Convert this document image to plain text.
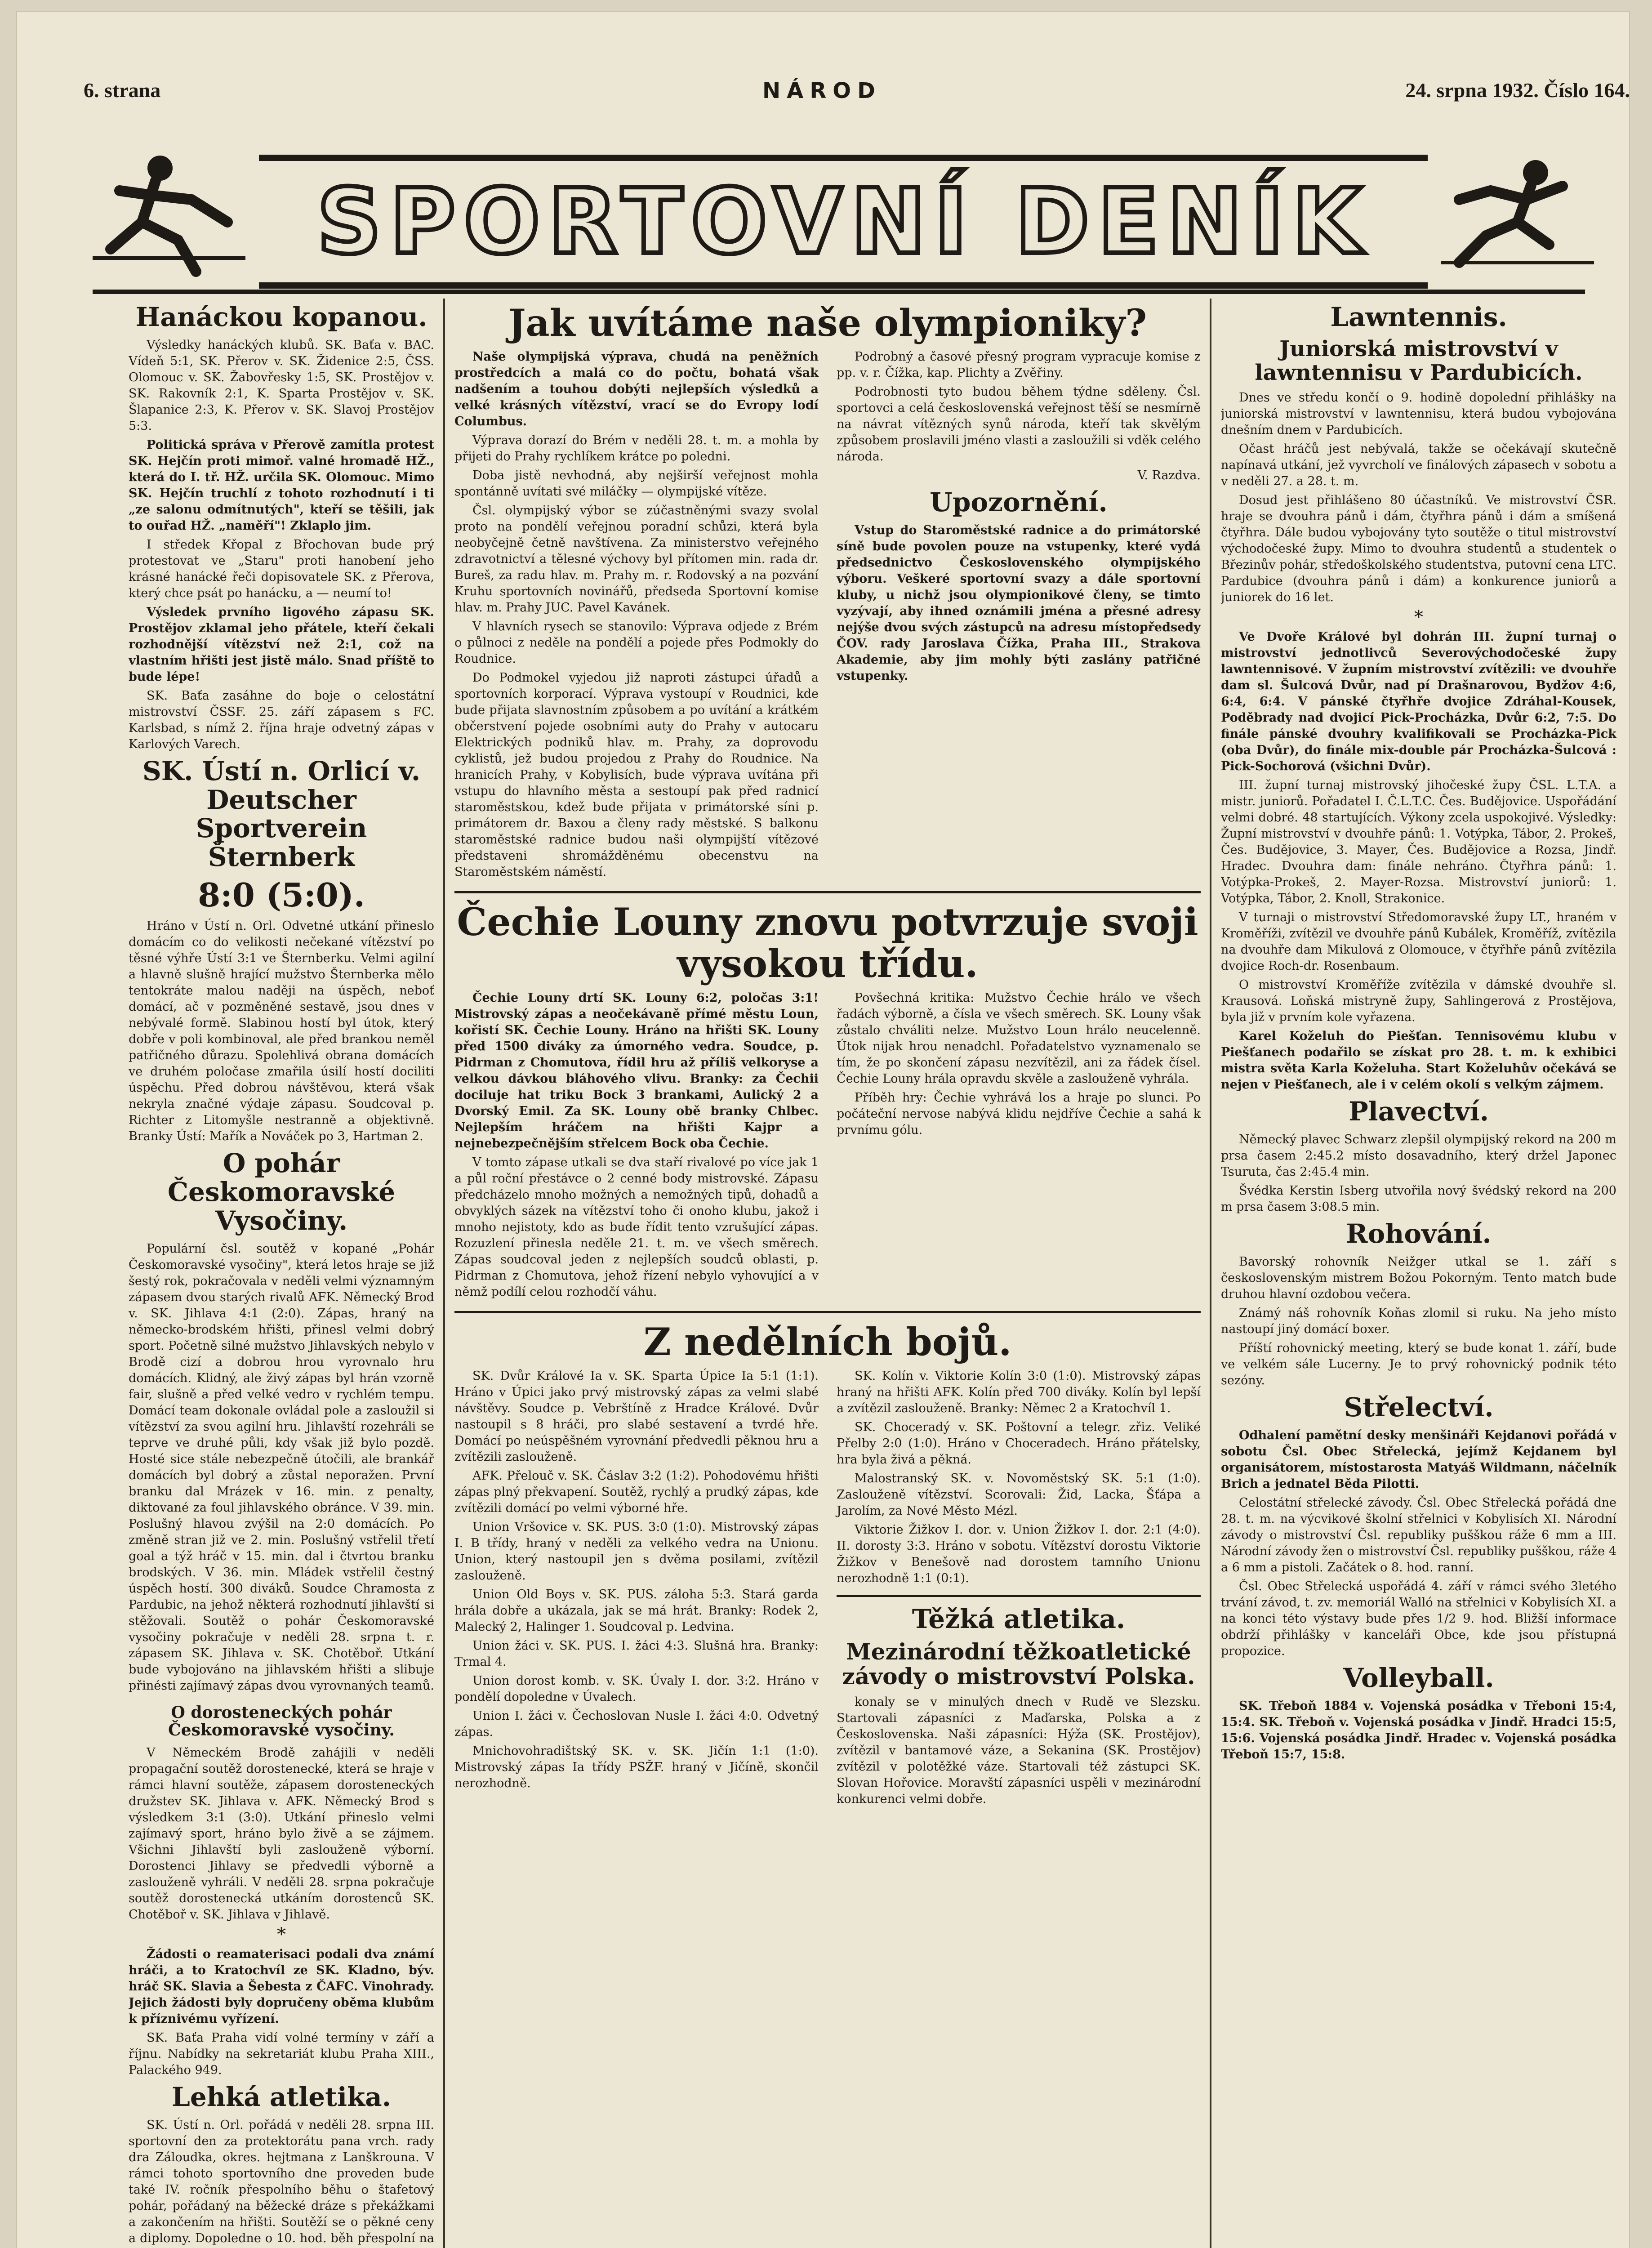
6. strana	NÁROD	24. srpna 1932. Číslo 164.
SPORTOVNÍ DENÍK
Hanáckou kopanou.

Výsledky hanáckých klubů. SK. Baťa v. BAC. Vídeň 5:1, SK. Přerov v. SK. Židenice 2:5, ČSS. Olomouc v. SK. Žabovřesky 1:5, SK. Prostějov v. SK. Rakovník 2:1, K. Sparta Prostějov v. SK. Šlapanice 2:3, K. Přerov v. SK. Slavoj Prostějov 5:3.

Politická správa v Přerově zamítla protest SK. Hejčín proti mimoř. valné hromadě HŽ., která do I. tř. HŽ. určila SK. Olomouc. Mimo SK. Hejčín truchlí z tohoto rozhodnutí i ti „ze salonu odmítnutých", kteří se těšili, jak to ouřad HŽ. „naměří"! Zklaplo jim.

I středek Křopal z Břochovan bude prý protestovat ve „Staru" proti hanobení jeho krásné hanácké řeči dopisovatele SK. z Přerova, který chce psát po hanácku, a — neumí to!

Výsledek prvního ligového zápasu SK. Prostějov zklamal jeho přátele, kteří čekali rozhodnější vítězství než 2:1, což na vlastním hřišti jest jistě málo. Snad příště to bude lépe!

SK. Baťa zasáhne do boje o celostátní mistrovství ČSSF. 25. září zápasem s FC. Karlsbad, s nímž 2. října hraje odvetný zápas v Karlových Varech.

SK. Ústí n. Orlicí v. Deutscher Sportverein Šternberk
8:0 (5:0).

Hráno v Ústí n. Orl. Odvetné utkání přineslo domácím co do velikosti nečekané vítězství po těsné výhře Ústí 3:1 ve Šternberku. Velmi agilní a hlavně slušně hrající mužstvo Šternberka mělo tentokráte malou naději na úspěch, neboť domácí, ač v pozměněné sestavě, jsou dnes v nebývalé formě. Slabinou hostí byl útok, který dobře v poli kombinoval, ale před brankou neměl patřičného důrazu. Spolehlivá obrana domácích ve druhém poločase zmařila úsilí hostí dociliti úspěchu. Před dobrou návštěvou, která však nekryla značné výdaje zápasu. Soudcoval p. Richter z Litomyšle nestranně a objektivně. Branky Ústí: Mařík a Nováček po 3, Hartman 2.

O pohár Českomoravské Vysočiny.

Populární čsl. soutěž v kopané „Pohár Českomoravské vysočiny", která letos hraje se již šestý rok, pokračovala v neděli velmi významným zápasem dvou starých rivalů AFK. Německý Brod v. SK. Jihlava 4:1 (2:0). Zápas, hraný na německo-brodském hřišti, přinesl velmi dobrý sport. Početně silné mužstvo Jihlavských nebylo v Brodě cizí a dobrou hrou vyrovnalo hru domácích. Klidný, ale živý zápas byl hrán vzorně fair, slušně a před velké vedro v rychlém tempu. Domácí team dokonale ovládal pole a zasloužil si vítězství za svou agilní hru. Jihlavští rozehráli se teprve ve druhé půli, kdy však již bylo pozdě. Hosté sice stále nebezpečně útočili, ale brankář domácích byl dobrý a zůstal neporažen. První branku dal Mrázek v 16. min. z penalty, diktované za foul jihlavského obránce. V 39. min. Poslušný hlavou zvýšil na 2:0 domácích. Po změně stran již ve 2. min. Poslušný vstřelil třetí goal a týž hráč v 15. min. dal i čtvrtou branku brodských. V 36. min. Mládek vstřelil čestný úspěch hostí. 300 diváků. Soudce Chramosta z Pardubic, na jehož některá rozhodnutí jihlavští si stěžovali. Soutěž o pohár Českomoravské vysočiny pokračuje v neděli 28. srpna t. r. zápasem SK. Jihlava v. SK. Chotěboř. Utkání bude vybojováno na jihlavském hřišti a slibuje přinésti zajímavý zápas dvou vyrovnaných teamů.

O dorosteneckých pohár Českomoravské vysočiny.

V Německém Brodě zahájili v neděli propagační soutěž dorostenecké, která se hraje v rámci hlavní soutěže, zápasem dorosteneckých družstev SK. Jihlava v. AFK. Německý Brod s výsledkem 3:1 (3:0). Utkání přineslo velmi zajímavý sport, hráno bylo živě a se zájmem. Všichni Jihlavští byli zaslouženě výborní. Dorostenci Jihlavy se předvedli výborně a zaslouženě vyhráli. V neděli 28. srpna pokračuje soutěž dorostenecká utkáním dorostenců SK. Chotěboř v. SK. Jihlava v Jihlavě.

*

Žádosti o reamaterisaci podali dva známí hráči, a to Kratochvíl ze SK. Kladno, býv. hráč SK. Slavia a Šebesta z ČAFC. Vinohrady. Jejich žádosti byly dopručeny oběma klubům k příznivému vyřízení.

SK. Baťa Praha vidí volné termíny v září a říjnu. Nabídky na sekretariát klubu Praha XIII., Palackého 949.

Lehká atletika.

SK. Ústí n. Orl. pořádá v neděli 28. srpna III. sportovní den za protektorátu pana vrch. rady dra Záloudka, okres. hejtmana z Lanškrouna. V rámci tohoto sportovního dne proveden bude také IV. ročník přespolního běhu o štafetový pohár, pořádaný na běžecké dráze s překážkami a zakončením na hřišti. Soutěží se o pěkné ceny a diplomy. Dopoledne o 10. hod. běh přespolní na

Jak uvítáme naše olympioniky?

Naše olympijská výprava, chudá na peněžních prostředcích a malá co do počtu, bohatá však nadšením a touhou dobýti nejlepších výsledků a velké krásných vítězství, vrací se do Evropy lodí Columbus.

Výprava dorazí do Brém v neděli 28. t. m. a mohla by přijeti do Prahy rychlíkem krátce po poledni.

Doba jistě nevhodná, aby nejširší veřejnost mohla spontánně uvítati své miláčky — olympijské vítěze.

Čsl. olympijský výbor se zúčastněnými svazy svolal proto na pondělí veřejnou poradní schůzi, která byla neobyčejně četně navštívena. Za ministerstvo veřejného zdravotnictví a tělesné výchovy byl přítomen min. rada dr. Bureš, za radu hlav. m. Prahy m. r. Rodovský a na pozvání Kruhu sportovních novinářů, předseda Sportovní komise hlav. m. Prahy JUC. Pavel Kavánek.

V hlavních rysech se stanovilo: Výprava odjede z Brém o půlnoci z neděle na pondělí a pojede přes Podmokly do Roudnice.

Do Podmokel vyjedou již naproti zástupci úřadů a sportovních korporací. Výprava vystoupí v Roudnici, kde bude přijata slavnostním způsobem a po uvítání a krátkém občerstvení pojede osobními auty do Prahy v autocaru Elektrických podniků hlav. m. Prahy, za doprovodu cyklistů, jež budou projedou z Prahy do Roudnice. Na hranicích Prahy, v Kobylisích, bude výprava uvítána při vstupu do hlavního města a sestoupí pak před radnicí staroměstskou, kdež bude přijata v primátorské síni p. primátorem dr. Baxou a členy rady městské. S balkonu staroměstské radnice budou naši olympijští vítězové představeni shromážděnému obecenstvu na Staroměstském náměstí.

Podrobný a časové přesný program vypracuje komise z pp. v. r. Čížka, kap. Plichty a Zvěřiny.

Podrobnosti tyto budou během týdne sděleny. Čsl. sportovci a celá československá veřejnost těší se nesmírně na návrat vítězných synů národa, kteří tak skvělým způsobem proslavili jméno vlasti a zasloužili si vděk celého národa.

V. Razdva.

Upozornění.

Vstup do Staroměstské radnice a do primátorské síně bude povolen pouze na vstupenky, které vydá předsednictvo Československého olympijského výboru. Veškeré sportovní svazy a dále sportovní kluby, u nichž jsou olympionikové členy, se timto vyzývají, aby ihned oznámili jména a přesné adresy nejýše dvou svých zástupců na adresu místopředsedy ČOV. rady Jaroslava Čížka, Praha III., Strakova Akademie, aby jim mohly býti zaslány patřičné vstupenky.

Čechie Louny znovu potvrzuje svoji vysokou třídu.

Čechie Louny drtí SK. Louny 6:2, poločas 3:1! Mistrovský zápas a neočekávaně přímé městu Loun, kořistí SK. Čechie Louny. Hráno na hřišti SK. Louny před 1500 diváky za úmorného vedra. Soudce, p. Pidrman z Chomutova, řídil hru až příliš velkoryse a velkou dávkou bláhového vlivu. Branky: za Čechii dociluje hat triku Bock 3 brankami, Aulický 2 a Dvorský Emil. Za SK. Louny obě branky Chlbec. Nejlepším hráčem na hřišti Kajpr a nejnebezpečnějším střelcem Bock oba Čechie.

V tomto zápase utkali se dva staří rivalové po více jak 1 a půl roční přestávce o 2 cenné body mistrovské. Zápasu předcházelo mnoho možných a nemožných tipů, dohadů a obvyklých sázek na vítězství toho či onoho klubu, jakož i mnoho nejistoty, kdo as bude řídit tento vzrušující zápas. Rozuzlení přinesla neděle 21. t. m. ve všech směrech. Zápas soudcoval jeden z nejlepších soudců oblasti, p. Pidrman z Chomutova, jehož řízení nebylo vyhovující a v němž podílí celou rozhodčí váhu.

Povšechná kritika: Mužstvo Čechie hrálo ve všech řadách výborně, a čísla ve všech směrech. SK. Louny však zůstalo chváliti nelze. Mužstvo Loun hrálo neucelenně. Útok nijak hrou nenadchl. Pořadatelstvo vyznamenalo se tím, že po skončení zápasu nezvítězil, ani za řádek čísel. Čechie Louny hrála opravdu skvěle a zaslouženě vyhrála.

Příběh hry: Čechie vyhrává los a hraje po slunci. Po počáteční nervose nabývá klidu nejdříve Čechie a sahá k prvnímu gólu.

Z nedělních bojů.

SK. Dvůr Králové Ia v. SK. Sparta Úpice Ia 5:1 (1:1). Hráno v Úpici jako prvý mistrovský zápas za velmi slabé návštěvy. Soudce p. Vebrštíně z Hradce Králové. Dvůr nastoupil s 8 hráči, pro slabé sestavení a tvrdé hře. Domácí po neúspěšném vyrovnání předvedli pěknou hru a zvítězili zaslouženě.

AFK. Přelouč v. SK. Čáslav 3:2 (1:2). Pohodovému hřišti zápas plný překvapení. Soutěž, rychlý a prudký zápas, kde zvítězili domácí po velmi výborné hře.

Union Vršovice v. SK. PUS. 3:0 (1:0). Mistrovský zápas I. B třídy, hraný v neděli za velkého vedra na Unionu. Union, který nastoupil jen s dvěma posilami, zvítězil zaslouženě.

Union Old Boys v. SK. PUS. záloha 5:3. Stará garda hrála dobře a ukázala, jak se má hrát. Branky: Rodek 2, Malecký 2, Halinger 1. Soudcoval p. Ledvina.

Union žáci v. SK. PUS. I. žáci 4:3. Slušná hra. Branky: Trmal 4.

Union dorost komb. v. SK. Úvaly I. dor. 3:2. Hráno v pondělí dopoledne v Úvalech.

Union I. žáci v. Čechoslovan Nusle I. žáci 4:0. Odvetný zápas.

Mnichovohradištský SK. v. SK. Jičín 1:1 (1:0). Mistrovský zápas Ia třídy PSŽF. hraný v Jičíně, skončil nerozhodně.

SK. Kolín v. Viktorie Kolín 3:0 (1:0). Mistrovský zápas hraný na hřišti AFK. Kolín před 700 diváky. Kolín byl lepší a zvítězil zaslouženě. Branky: Němec 2 a Kratochvíl 1.

SK. Choceradý v. SK. Poštovní a telegr. zřiz. Veliké Přelby 2:0 (1:0). Hráno v Choceradech. Hráno přátelsky, hra byla živá a pěkná.

Malostranský SK. v. Novoměstský SK. 5:1 (1:0). Zaslouženě vítězství. Scorovali: Žid, Lacka, Šťápa a Jarolím, za Nové Město Mézl.

Viktorie Žižkov I. dor. v. Union Žižkov I. dor. 2:1 (4:0). II. dorosty 3:3. Hráno v sobotu. Vítězství dorostu Viktorie Žižkov v Benešově nad dorostem tamního Unionu nerozhodně 1:1 (0:1).

Těžká atletika.
Mezinárodní těžkoatletické závody o mistrovství Polska.

konaly se v minulých dnech v Rudě ve Slezsku. Startovali zápasníci z Maďarska, Polska a z Československa. Naši zápasníci: Hýža (SK. Prostějov), zvítězil v bantamové váze, a Sekanina (SK. Prostějov) zvítězil v polotěžké váze. Startovali též zástupci SK. Slovan Hořovice. Moravští zápasníci uspěli v mezinárodní konkurenci velmi dobře.

Lawntennis.
Juniorská mistrovství v lawntennisu v Pardubicích.

Dnes ve středu končí o 9. hodině dopolední přihlášky na juniorská mistrovství v lawntennisu, která budou vybojována dnešním dnem v Pardubicích.

Očast hráčů jest nebývalá, takže se očekávají skutečně napínavá utkání, jež vyvrcholí ve finálových zápasech v sobotu a v neděli 27. a 28. t. m.

Dosud jest přihlášeno 80 účastníků. Ve mistrovství ČSR. hraje se dvouhra pánů i dám, čtyřhra pánů i dám a smíšená čtyřhra. Dále budou vybojovány tyto soutěže o titul mistrovství východočeské župy. Mimo to dvouhra studentů a studentek o Březinův pohár, středoškolského studentstva, putovní cena LTC. Pardubice (dvouhra pánů i dám) a konkurence juniorů a juniorek do 16 let.

*

Ve Dvoře Králové byl dohrán III. župní turnaj o mistrovství jednotlivců Severovýchodočeské župy lawntennisové. V župním mistrovství zvítězili: ve dvouhře dam sl. Šulcová Dvůr, nad pí Drašnarovou, Bydžov 4:6, 6:4, 6:4. V pánské čtyřhře dvojice Zdráhal-Kousek, Poděbrady nad dvojicí Pick-Procházka, Dvůr 6:2, 7:5. Do finále pánské dvouhry kvalifikovali se Procházka-Pick (oba Dvůr), do finále mix-double pár Procházka-Šulcová : Pick-Sochorová (všichni Dvůr).

III. župní turnaj mistrovský jihočeské župy ČSL. L.T.A. a mistr. juniorů. Pořadatel I. Č.L.T.C. Čes. Budějovice. Uspořádání velmi dobré. 48 startujících. Výkony zcela uspokojivé. Výsledky: Župní mistrovství v dvouhře pánů: 1. Votýpka, Tábor, 2. Prokeš, Čes. Budějovice, 3. Mayer, Čes. Budějovice a Rozsa, Jindř. Hradec. Dvouhra dam: finále nehráno. Čtyřhra pánů: 1. Votýpka-Prokeš, 2. Mayer-Rozsa. Mistrovství juniorů: 1. Votýpka, Tábor, 2. Knoll, Strakonice.

V turnaji o mistrovství Středomoravské župy LT., hraném v Kroměříži, zvítězil ve dvouhře pánů Kubálek, Kroměříž, zvítězila na dvouhře dam Mikulová z Olomouce, v čtyřhře pánů zvítězila dvojice Roch-dr. Rosenbaum.

O mistrovství Kroměříže zvítězila v dámské dvouhře sl. Krausová. Loňská mistryně župy, Sahlingerová z Prostějova, byla již v prvním kole vyřazena.

Karel Koželuh do Piešťan. Tennisovému klubu v Piešťanech podařilo se získat pro 28. t. m. k exhibici mistra světa Karla Koželuha. Start Koželuhův očekává se nejen v Piešťanech, ale i v celém okolí s velkým zájmem.

Plavectví.

Německý plavec Schwarz zlepšil olympijský rekord na 200 m prsa časem 2:45.2 místo dosavadního, který držel Japonec Tsuruta, čas 2:45.4 min.

Švédka Kerstin Isberg utvořila nový švédský rekord na 200 m prsa časem 3:08.5 min.

Rohování.

Bavorský rohovník Neižger utkal se 1. září s československým mistrem Božou Pokorným. Tento match bude druhou hlavní ozdobou večera.

Známý náš rohovník Koňas zlomil si ruku. Na jeho místo nastoupí jiný domácí boxer.

Příští rohovnický meeting, který se bude konat 1. září, bude ve velkém sále Lucerny. Je to prvý rohovnický podnik této sezóny.

Střelectví.

Odhalení pamětní desky menšináři Kejdanovi pořádá v sobotu Čsl. Obec Střelecká, jejímž Kejdanem byl organisátorem, místostarosta Matyáš Wildmann, náčelník Brich a jednatel Běda Pilotti.

Celostátní střelecké závody. Čsl. Obec Střelecká pořádá dne 28. t. m. na výcvikové školní střelnici v Kobylisích XI. Národní závody o mistrovství Čsl. republiky pušškou ráže 6 mm a III. Národní závody žen o mistrovství Čsl. republiky pušškou, ráže 4 a 6 mm a pistoli. Začátek o 8. hod. ranní.

Čsl. Obec Střelecká uspořádá 4. září v rámci svého 3letého trvání závod, t. zv. memoriál Walló na střelnici v Kobylisích XI. a na konci této výstavy bude přes 1/2 9. hod. Bližší informace obdrží přihlášky v kanceláři Obce, kde jsou přístupná propozice.

Volleyball.

SK. Třeboň 1884 v. Vojenská posádka v Třeboni 15:4, 15:4. SK. Třeboň v. Vojenská posádka v Jindř. Hradci 15:5, 15:6. Vojenská posádka Jindř. Hradec v. Vojenská posádka Třeboň 15:7, 15:8.
